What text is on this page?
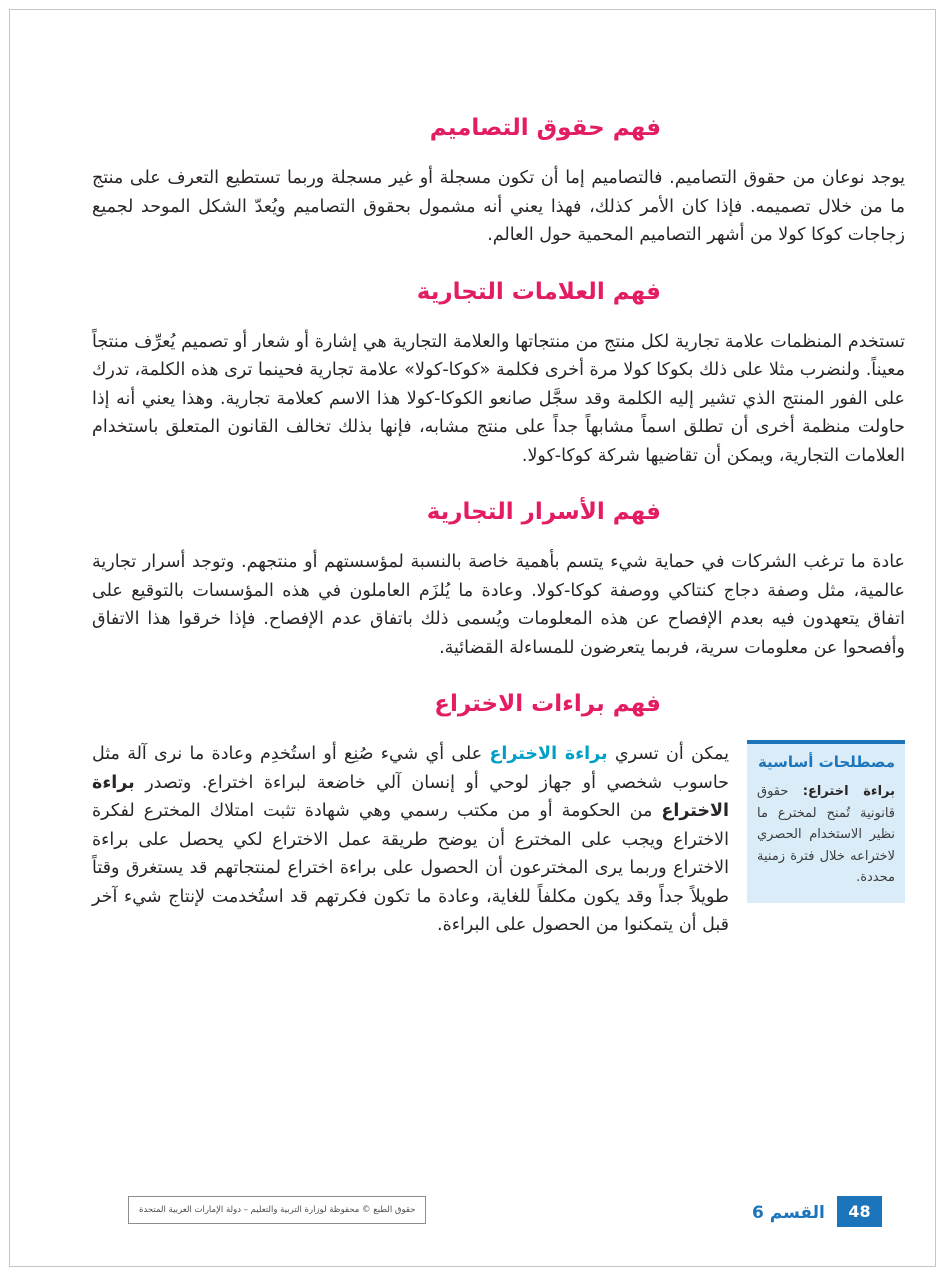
فهم حقوق التصاميم

يوجد نوعان من حقوق التصاميم. فالتصاميم إما أن تكون مسجلة أو غير مسجلة وربما تستطيع التعرف على منتج ما من خلال تصميمه. فإذا كان الأمر كذلك، فهذا يعني أنه مشمول بحقوق التصاميم ويُعدّ الشكل الموحد لجميع زجاجات كوكا كولا من أشهر التصاميم المحمية حول العالم.

فهم العلامات التجارية

تستخدم المنظمات علامة تجارية لكل منتج من منتجاتها والعلامة التجارية هي إشارة أو شعار أو تصميم يُعرِّف منتجاً معيناً. ولنضرب مثلا على ذلك بكوكا كولا مرة أخرى فكلمة «كوكا-كولا» علامة تجارية فحينما ترى هذه الكلمة، تدرك على الفور المنتج الذي تشير إليه الكلمة وقد سجَّل صانعو الكوكا-كولا هذا الاسم كعلامة تجارية. وهذا يعني أنه إذا حاولت منظمة أخرى أن تطلق اسماً مشابهاً جداً على منتج مشابه، فإنها بذلك تخالف القانون المتعلق باستخدام العلامات التجارية، ويمكن أن تقاضيها شركة كوكا-كولا.

فهم الأسرار التجارية

عادة ما ترغب الشركات في حماية شيء يتسم بأهمية خاصة بالنسبة لمؤسستهم أو منتجهم. وتوجد أسرار تجارية عالمية، مثل وصفة دجاج كنتاكي ووصفة كوكا-كولا. وعادة ما يُلزَم العاملون في هذه المؤسسات بالتوقيع على اتفاق يتعهدون فيه بعدم الإفصاح عن هذه المعلومات ويُسمى ذلك باتفاق عدم الإفصاح. فإذا خرقوا هذا الاتفاق وأفصحوا عن معلومات سرية، فربما يتعرضون للمساءلة القضائية.

فهم براءات الاختراع
مصطلحات أساسية

براءة اختراع: حقوق قانونية تُمنح لمخترع ما نظير الاستخدام الحصري لاختراعه خلال فترة زمنية محددة.

يمكن أن تسري براءة الاختراع على أي شيء صُنِع أو استُخدِم وعادة ما نرى آلة مثل حاسوب شخصي أو جهاز لوحي أو إنسان آلي خاضعة لبراءة اختراع. وتصدر براءة الاختراع من الحكومة أو من مكتب رسمي وهي شهادة تثبت امتلاك المخترع لفكرة الاختراع ويجب على المخترع أن يوضح طريقة عمل الاختراع لكي يحصل على براءة الاختراع وربما يرى المخترعون أن الحصول على براءة اختراع لمنتجاتهم قد يستغرق وقتاً طويلاً جداً وقد يكون مكلفاً للغاية، وعادة ما تكون فكرتهم قد استُخدمت لإنتاج شيء آخر قبل أن يتمكنوا من الحصول على البراءة.

حقوق الطبع © محفوظة لوزارة التربية والتعليم – دولة الإمارات العربية المتحدة	القسم 6	48
